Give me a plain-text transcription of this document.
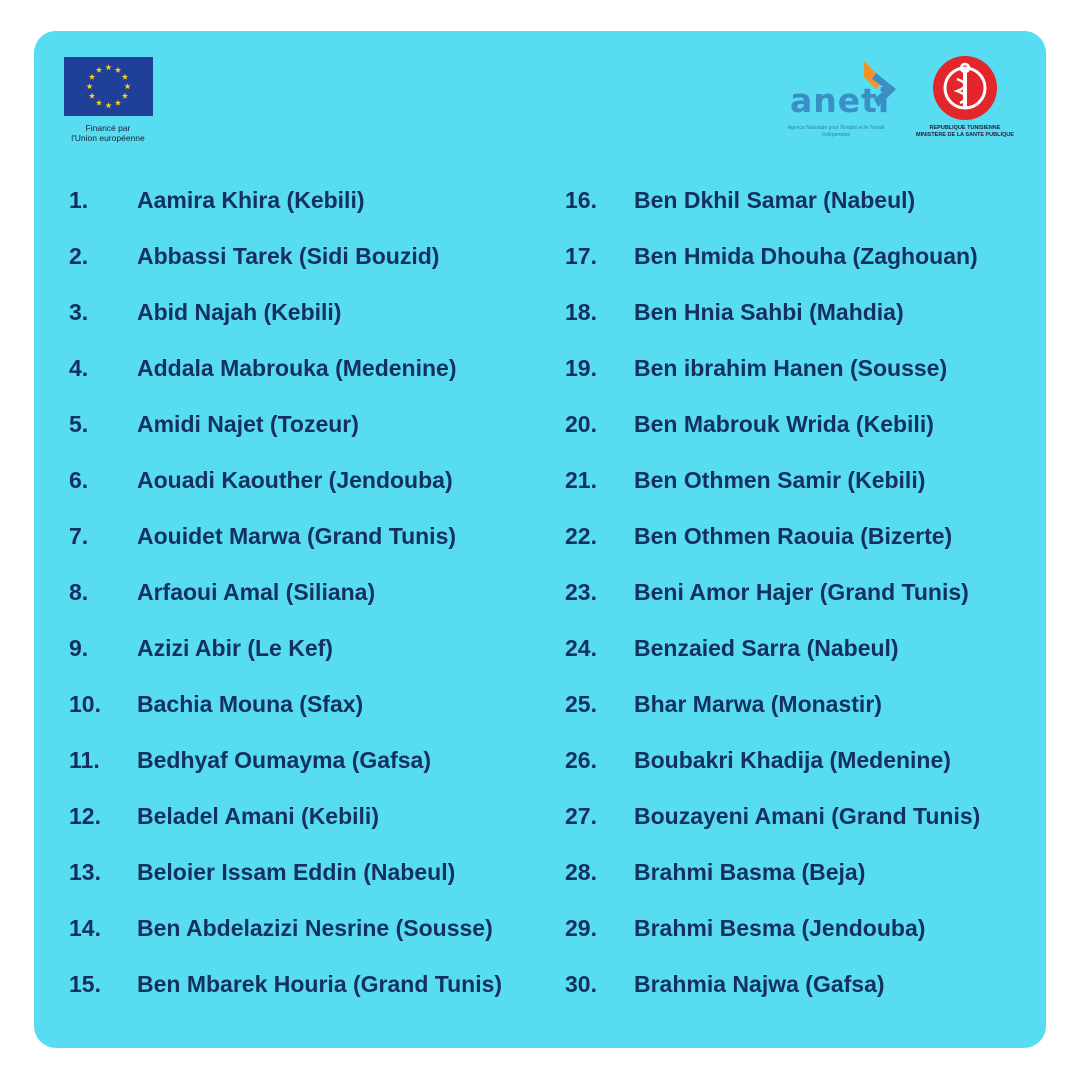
Financé par
l'Union européenne
aneti
Agence Nationale pour l'Emploi et le Travail Indépendant
REPUBLIQUE TUNISIENNE
MINISTERE DE LA SANTE PUBLIQUE
1. Aamira Khira (Kebili)
2. Abbassi Tarek (Sidi Bouzid)
3. Abid Najah (Kebili)
4. Addala Mabrouka (Medenine)
5. Amidi Najet (Tozeur)
6. Aouadi Kaouther (Jendouba)
7. Aouidet Marwa (Grand Tunis)
8. Arfaoui Amal (Siliana)
9. Azizi Abir (Le Kef)
10. Bachia Mouna (Sfax)
11. Bedhyaf Oumayma (Gafsa)
12. Beladel Amani (Kebili)
13. Beloier Issam Eddin (Nabeul)
14. Ben Abdelazizi Nesrine (Sousse)
15. Ben Mbarek Houria (Grand Tunis)
16. Ben Dkhil Samar (Nabeul)
17. Ben Hmida Dhouha (Zaghouan)
18. Ben Hnia Sahbi (Mahdia)
19. Ben ibrahim Hanen (Sousse)
20. Ben Mabrouk Wrida (Kebili)
21. Ben Othmen Samir (Kebili)
22. Ben Othmen Raouia (Bizerte)
23. Beni Amor Hajer (Grand Tunis)
24. Benzaied Sarra (Nabeul)
25. Bhar Marwa (Monastir)
26. Boubakri Khadija (Medenine)
27. Bouzayeni Amani (Grand Tunis)
28. Brahmi Basma (Beja)
29. Brahmi Besma (Jendouba)
30. Brahmia Najwa (Gafsa)
